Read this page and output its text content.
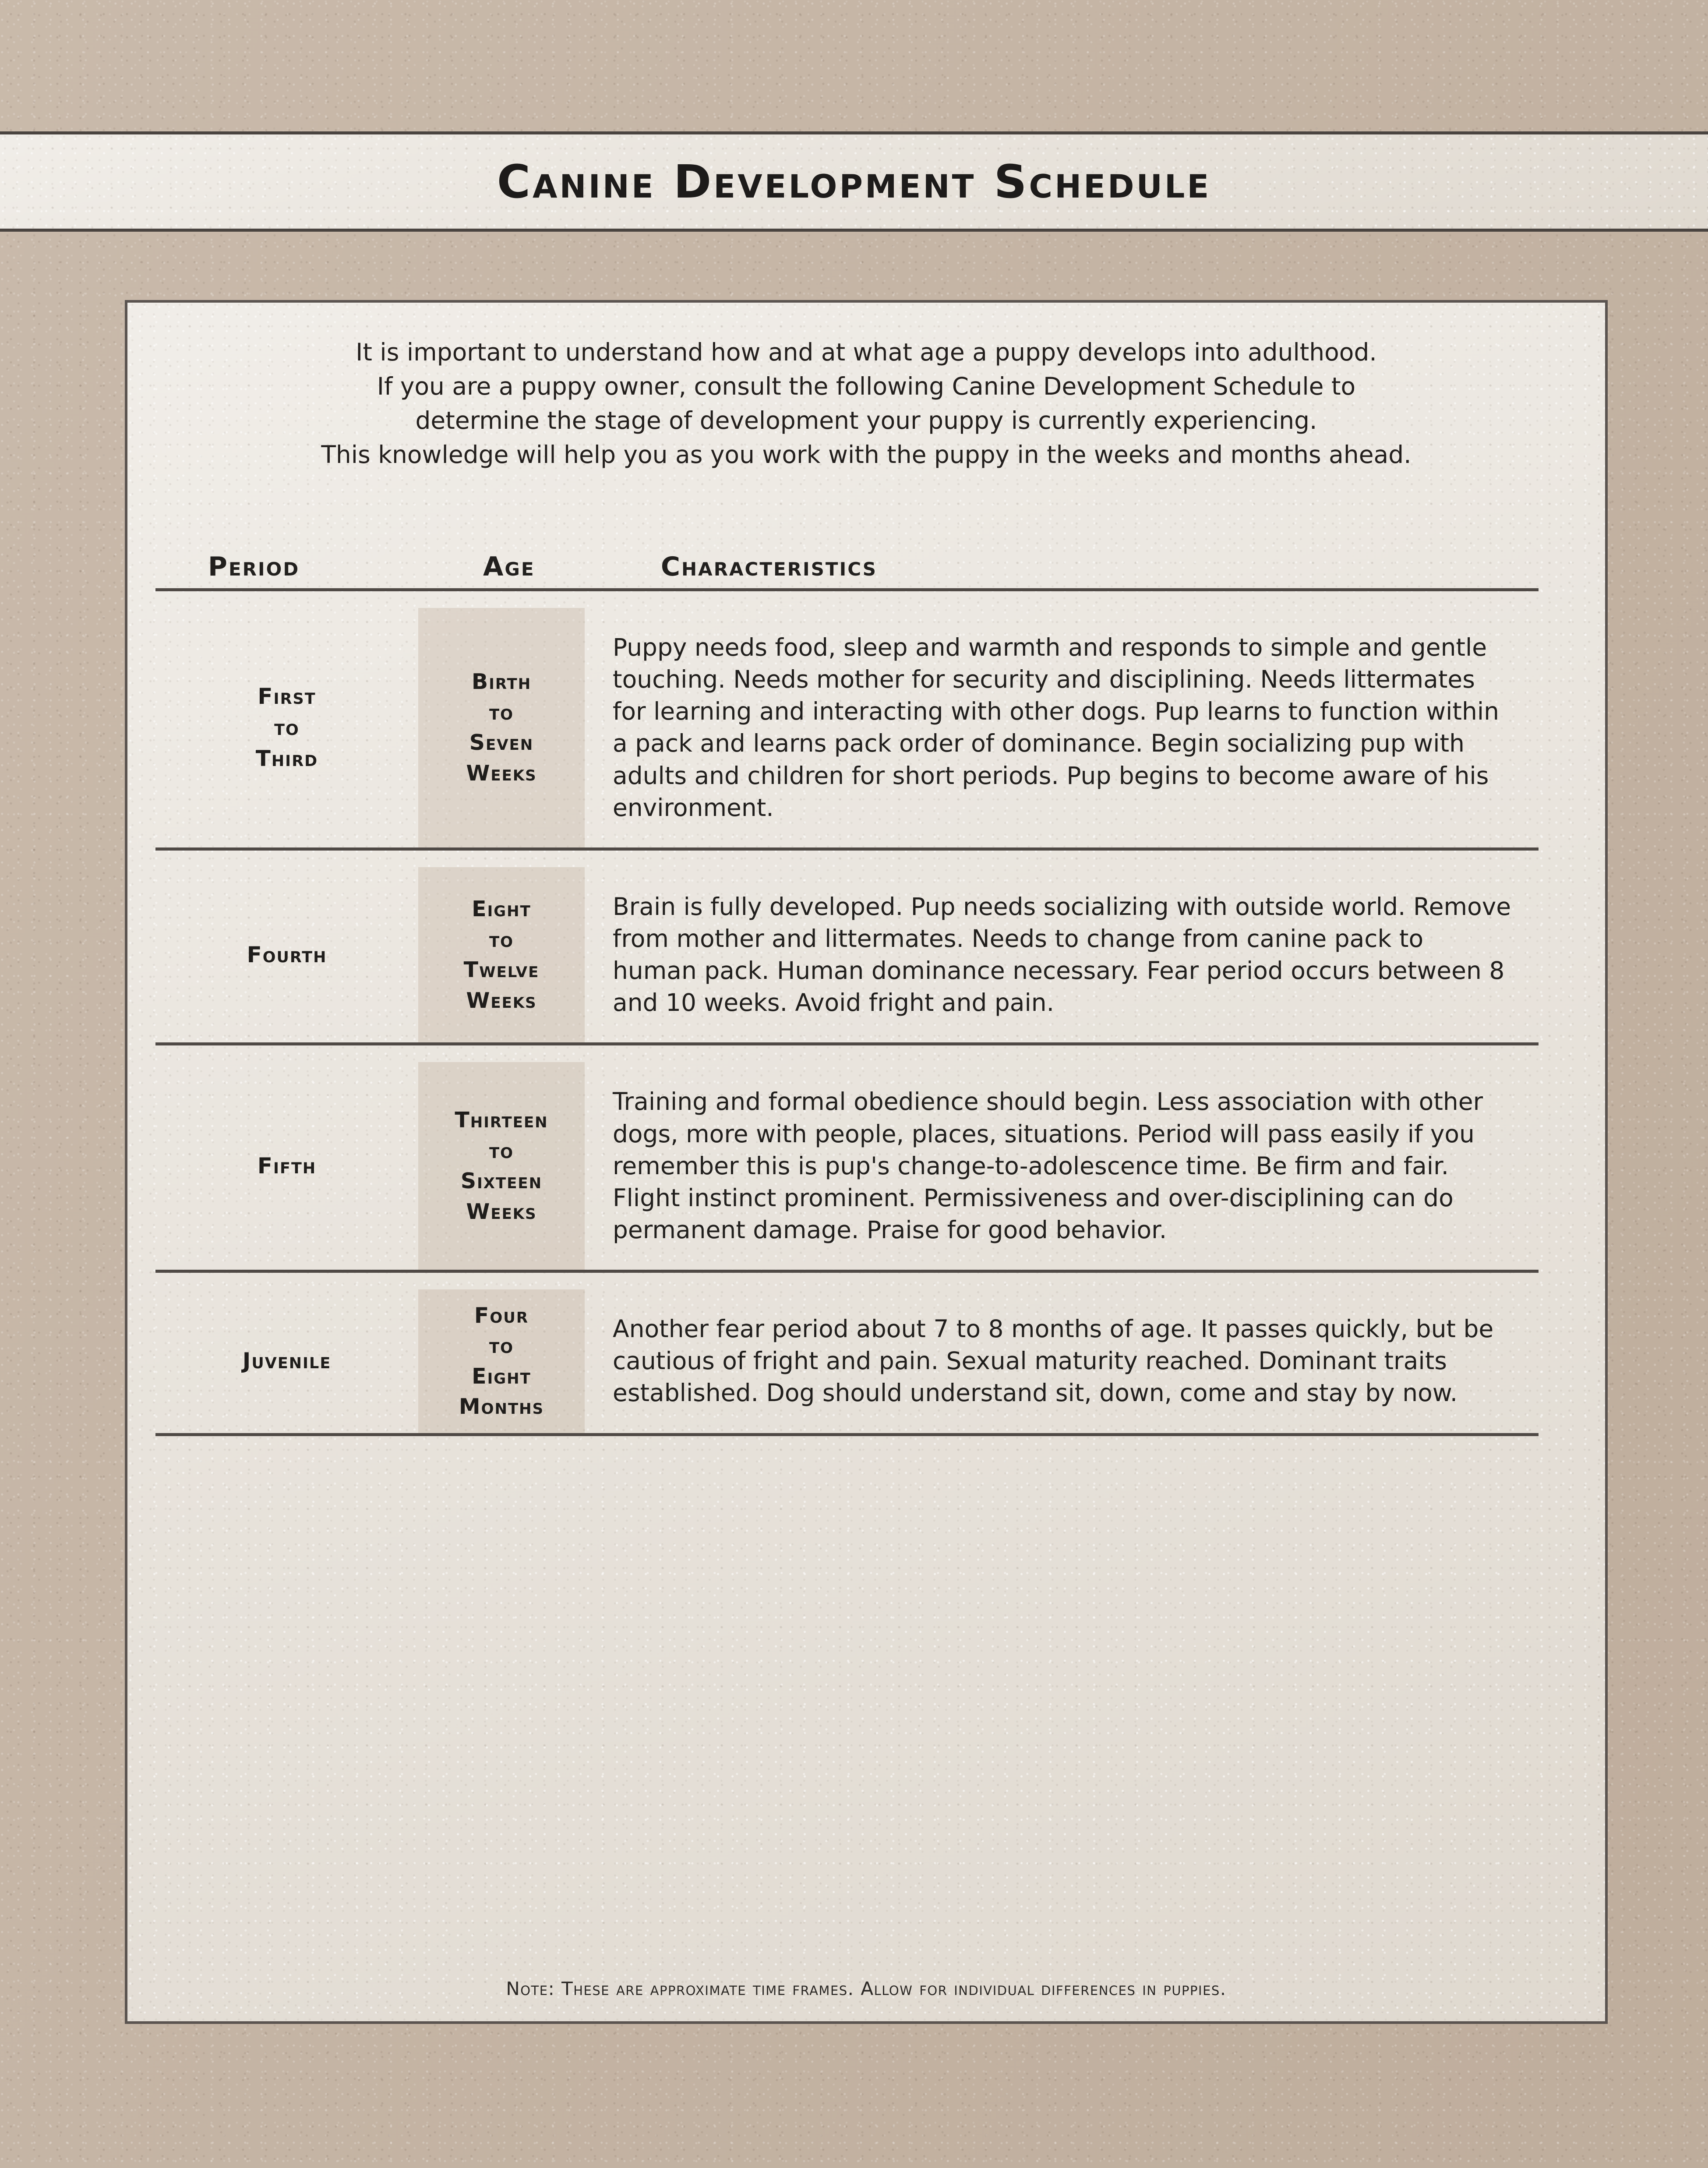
Canine Development Schedule
It is important to understand how and at what age a puppy develops into adulthood.
If you are a puppy owner, consult the following Canine Development Schedule to
determine the stage of development your puppy is currently experiencing.
This knowledge will help you as you work with the puppy in the weeks and months ahead.
Period	Age	Characteristics
First
to
Third
Birth
to
Seven
Weeks
Puppy needs food, sleep and warmth and responds to simple and gentle touching. Needs mother for security and disciplining. Needs littermates for learning and interacting with other dogs. Pup learns to function within a pack and learns pack order of dominance. Begin socializing pup with adults and children for short periods. Pup begins to become aware of his environment.
Fourth
Eight
to
Twelve
Weeks
Brain is fully developed. Pup needs socializing with outside world. Remove from mother and littermates. Needs to change from canine pack to human pack. Human dominance necessary. Fear period occurs between 8 and 10 weeks. Avoid fright and pain.
Fifth
Thirteen
to
Sixteen
Weeks
Training and formal obedience should begin. Less association with other dogs, more with people, places, situations. Period will pass easily if you remember this is pup's change-to-adolescence time. Be firm and fair. Flight instinct prominent. Permissiveness and over-disciplining can do permanent damage. Praise for good behavior.
Juvenile
Four
to
Eight
Months
Another fear period about 7 to 8 months of age. It passes quickly, but be cautious of fright and pain. Sexual maturity reached. Dominant traits established. Dog should understand sit, down, come and stay by now.
Note: These are approximate time frames. Allow for individual differences in puppies.
